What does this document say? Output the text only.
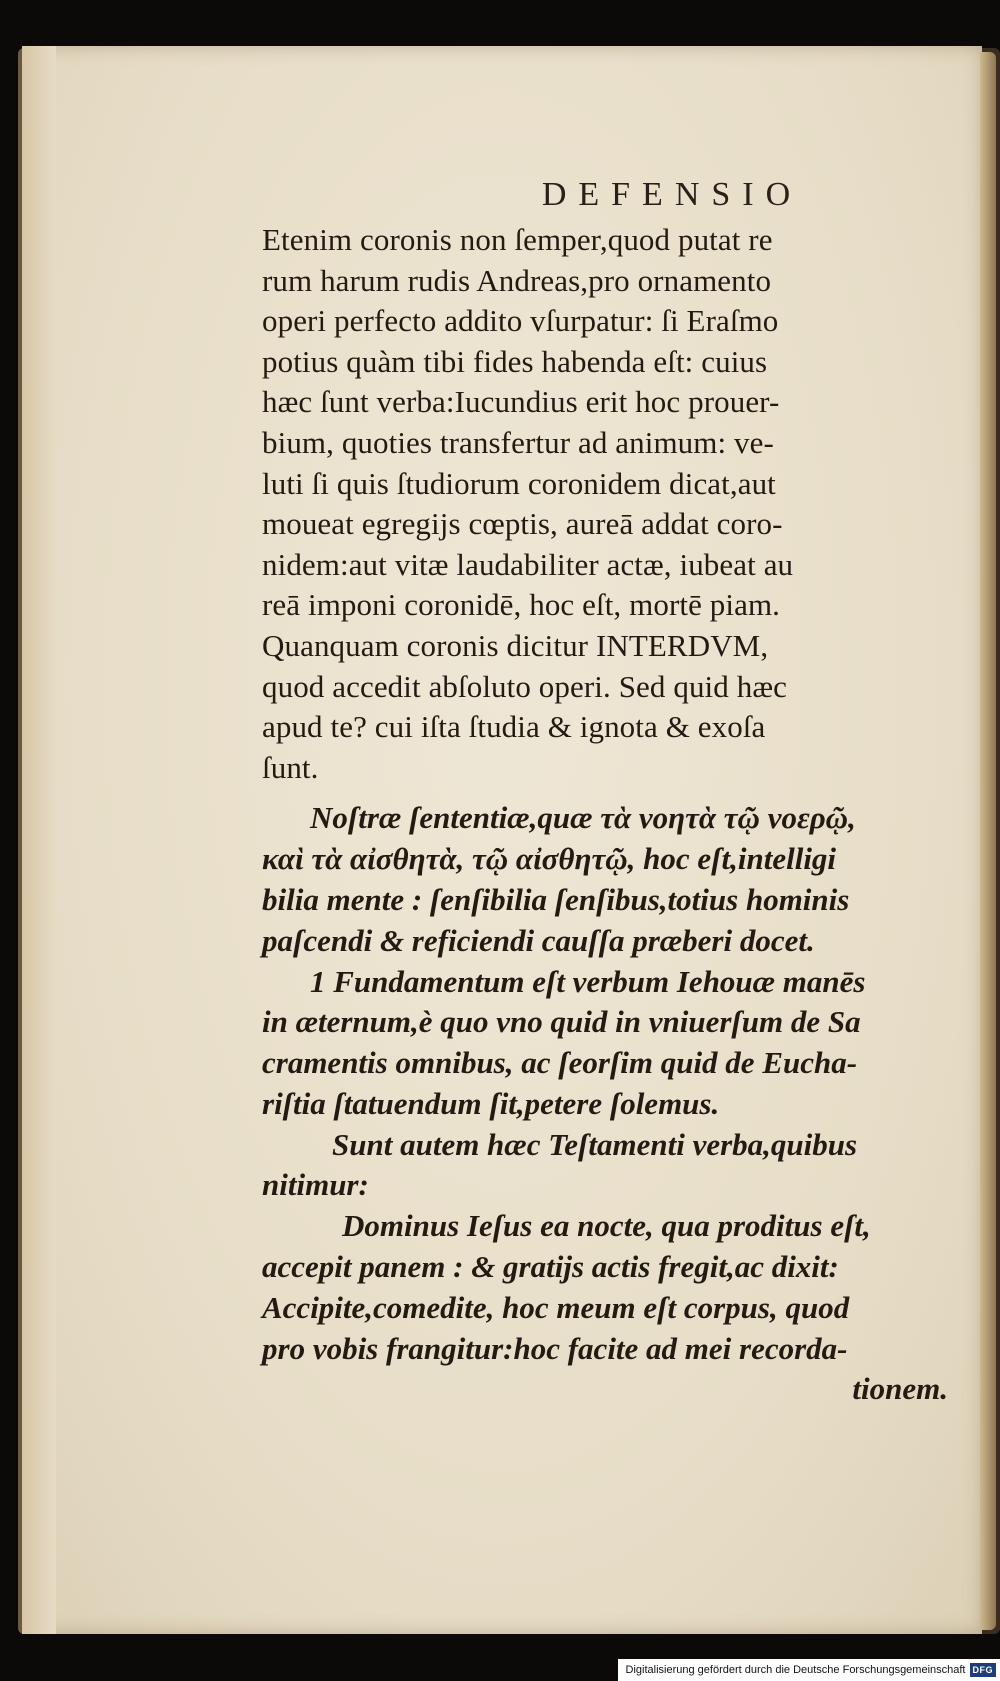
DEFENSIO

Etenim coronis non ſemper,quod putat re

rum harum rudis Andreas,pro ornamento

operi perfecto addito vſurpatur: ſi Eraſmo

potius quàm tibi fides habenda eſt: cuius

hæc ſunt verba:Iucundius erit hoc prouer-

bium, quoties transfertur ad animum: ve-

luti ſi quis ſtudiorum coronidem dicat,aut

moueat egregijs cœptis, aureā addat coro-

nidem:aut vitæ laudabiliter actæ, iubeat au

reā imponi coronidē, hoc eſt, mortē piam.

Quanquam coronis dicitur INTERDVM,

quod accedit abſoluto operi. Sed quid hæc

apud te? cui iſta ſtudia & ignota & exoſa

ſunt.

Noſtræ ſententiæ,quæ τὰ νοητὰ τῷ νοερῷ,

καὶ τὰ αἰσθητὰ, τῷ αἰσθητῷ, hoc eſt,intelligi

bilia mente : ſenſibilia ſenſibus,totius hominis

paſcendi & reficiendi cauſſa præberi docet.

1 Fundamentum eſt verbum Iehouæ manēs

in æternum,è quo vno quid in vniuerſum de Sa

cramentis omnibus, ac ſeorſim quid de Eucha-

riſtia ſtatuendum ſit,petere ſolemus.

Sunt autem hæc Teſtamenti verba,quibus

nitimur:

Dominus Ieſus ea nocte, qua proditus eſt,

accepit panem : & gratijs actis fregit,ac dixit:

Accipite,comedite, hoc meum eſt corpus, quod

pro vobis frangitur:hoc facite ad mei recorda-

tionem.

Digitalisierung gefördert durch die Deutsche Forschungsgemeinschaft DFG
